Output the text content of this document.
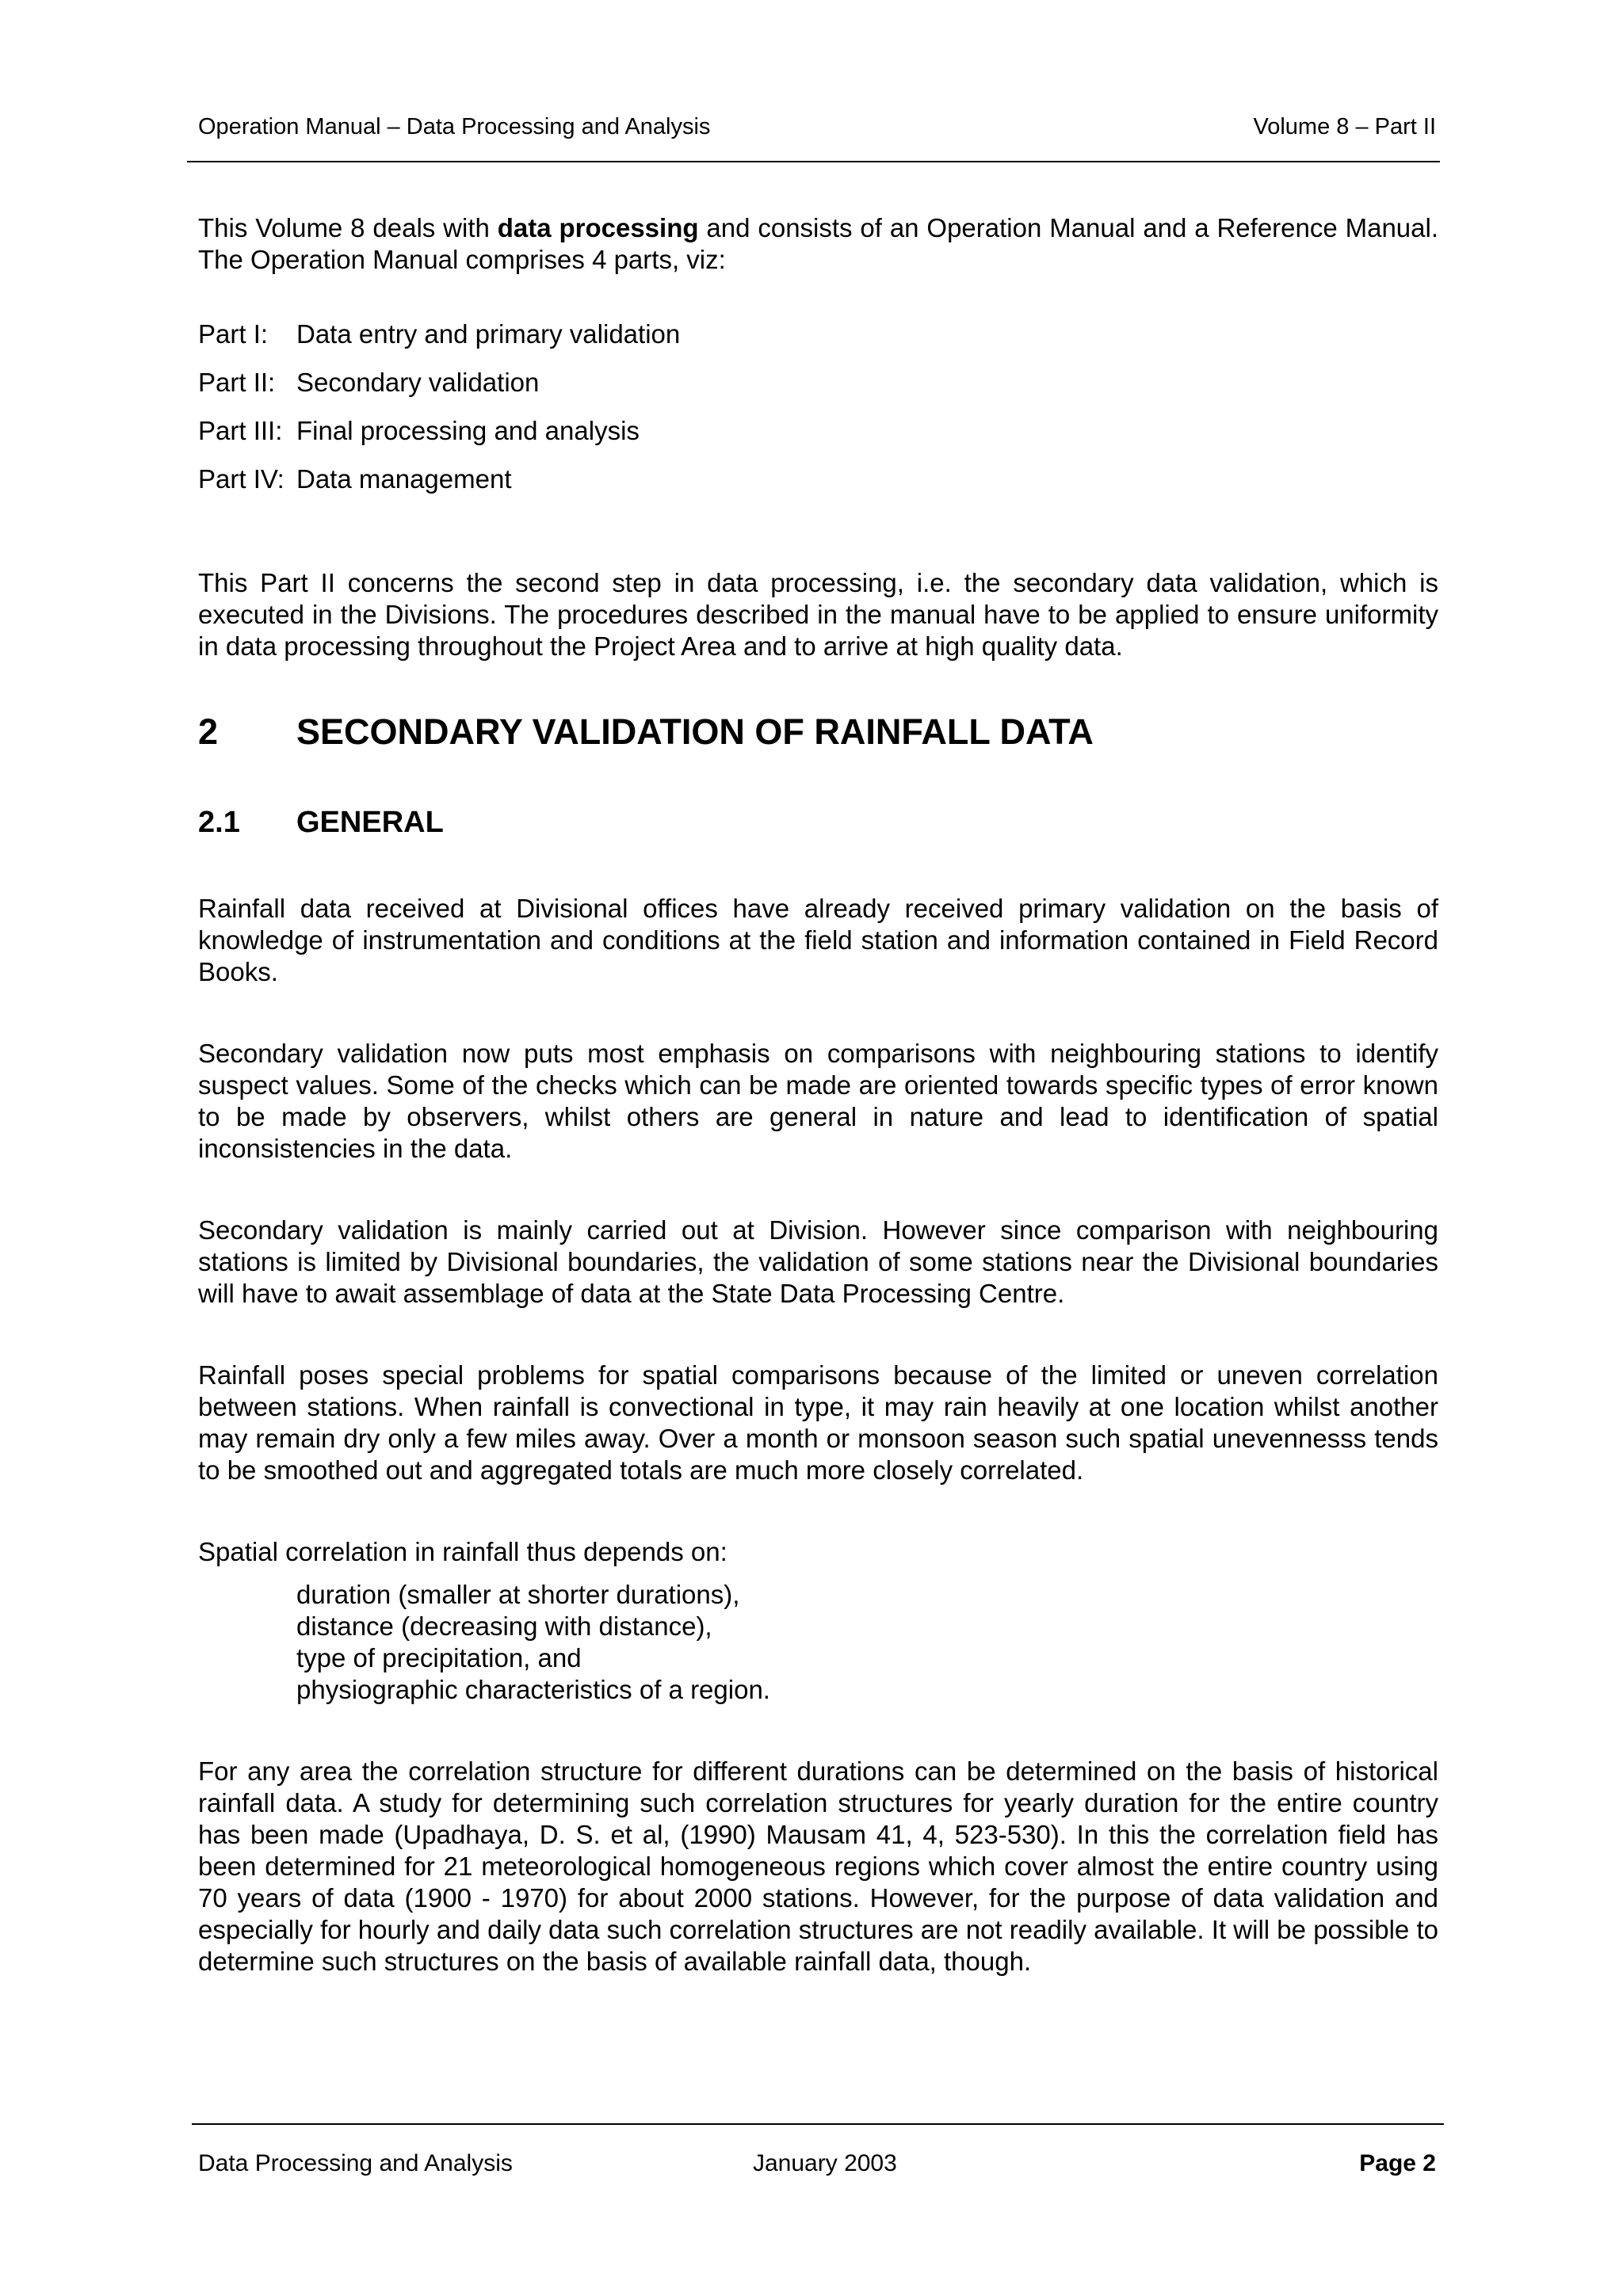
Operation Manual – Data Processing and Analysis	Volume 8 – Part II

This Volume 8 deals with data processing and consists of an Operation Manual and a Reference Manual. The Operation Manual comprises 4 parts, viz:

Part I: Data entry and primary validation
Part II: Secondary validation
Part III: Final processing and analysis
Part IV: Data management

This Part II concerns the second step in data processing, i.e. the secondary data validation, which is executed in the Divisions. The procedures described in the manual have to be applied to ensure uniformity in data processing throughout the Project Area and to arrive at high quality data.

2 SECONDARY VALIDATION OF RAINFALL DATA
2.1 GENERAL

Rainfall data received at Divisional offices have already received primary validation on the basis of knowledge of instrumentation and conditions at the field station and information contained in Field Record Books.

Secondary validation now puts most emphasis on comparisons with neighbouring stations to identify suspect values. Some of the checks which can be made are oriented towards specific types of error known to be made by observers, whilst others are general in nature and lead to identification of spatial inconsistencies in the data.

Secondary validation is mainly carried out at Division. However since comparison with neighbouring stations is limited by Divisional boundaries, the validation of some stations near the Divisional boundaries will have to await assemblage of data at the State Data Processing Centre.

Rainfall poses special problems for spatial comparisons because of the limited or uneven correlation between stations. When rainfall is convectional in type, it may rain heavily at one location whilst another may remain dry only a few miles away. Over a month or monsoon season such spatial unevennesss tends to be smoothed out and aggregated totals are much more closely correlated.

Spatial correlation in rainfall thus depends on:

duration (smaller at shorter durations),
distance (decreasing with distance),
type of precipitation, and
physiographic characteristics of a region.

For any area the correlation structure for different durations can be determined on the basis of historical rainfall data. A study for determining such correlation structures for yearly duration for the entire country has been made (Upadhaya, D. S. et al, (1990) Mausam 41, 4, 523-530). In this the correlation field has been determined for 21 meteorological homogeneous regions which cover almost the entire country using 70 years of data (1900 - 1970) for about 2000 stations. However, for the purpose of data validation and especially for hourly and daily data such correlation structures are not readily available. It will be possible to determine such structures on the basis of available rainfall data, though.

Data Processing and Analysis	January 2003	Page 2
